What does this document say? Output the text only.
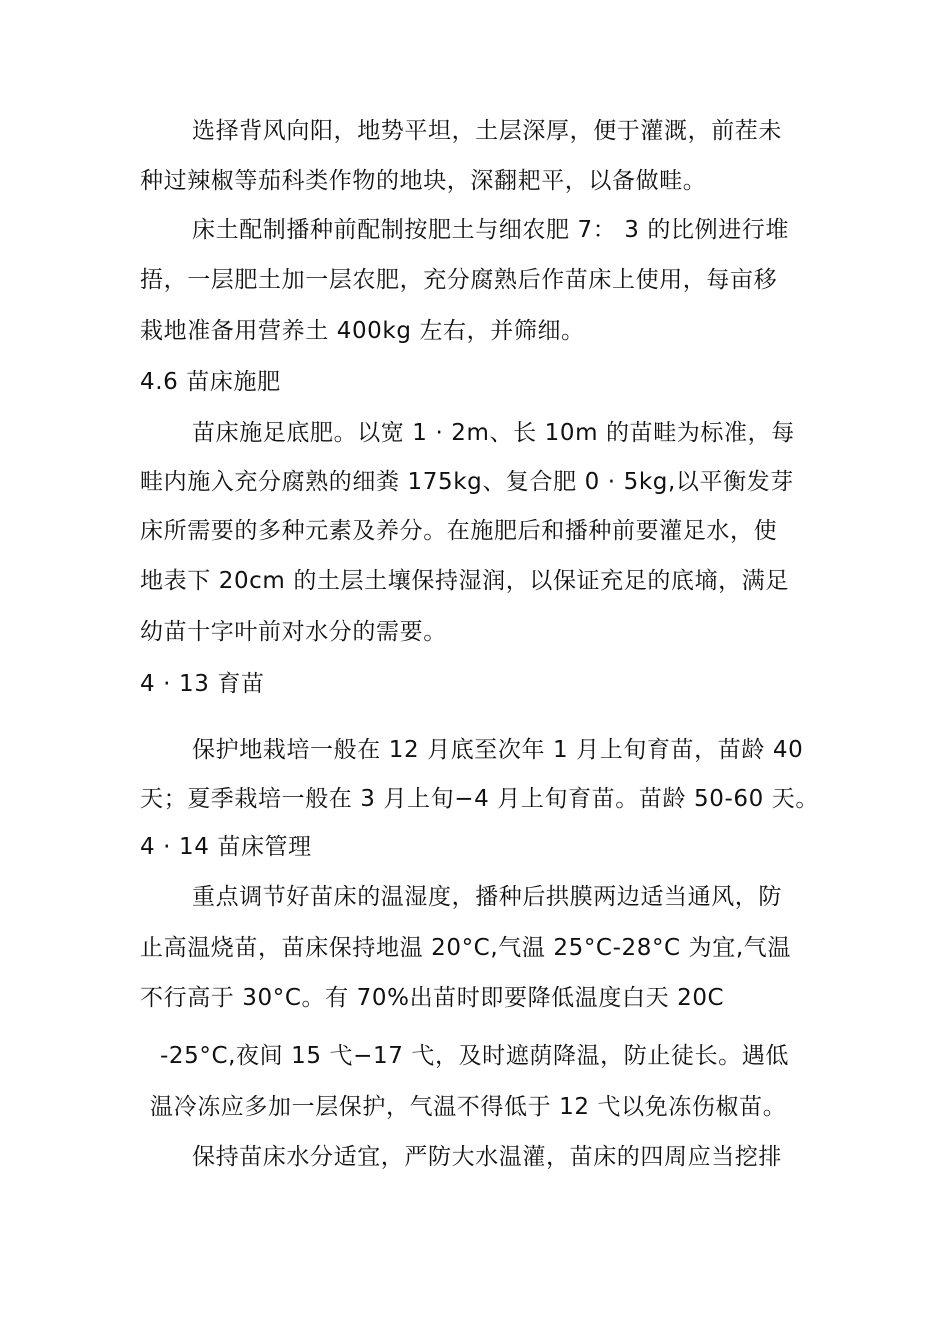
选择背风向阳，地势平坦，土层深厚，便于灌溉，前茬未
种过辣椒等茄科类作物的地块，深翻耙平，以备做畦。
床土配制播种前配制按肥土与细农肥 7： 3 的比例进行堆
捂，一层肥土加一层农肥，充分腐熟后作苗床上使用，每亩移
栽地准备用营养土 400kg 左右，并筛细。
4.6 苗床施肥
苗床施足底肥。以宽 1 · 2m、长 10m 的苗畦为标准，每
畦内施入充分腐熟的细粪 175kg、复合肥 0 · 5kg,以平衡发芽
床所需要的多种元素及养分。在施肥后和播种前要灌足水，使
地表下 20cm 的土层土壤保持湿润，以保证充足的底墒，满足
幼苗十字叶前对水分的需要。
4 · 13 育苗
保护地栽培一般在 12 月底至次年 1 月上旬育苗，苗龄 40
天；夏季栽培一般在 3 月上旬−4 月上旬育苗。苗龄 50-60 天。
4 · 14 苗床管理
重点调节好苗床的温湿度，播种后拱膜两边适当通风，防
止高温烧苗，苗床保持地温 20°C,气温 25°C-28°C 为宜,气温
不行高于 30°C。有 70%出苗时即要降低温度白天 20C
-25°C,夜间 15 弋−17 弋，及时遮荫降温，防止徒长。遇低
温冷冻应多加一层保护，气温不得低于 12 弋以免冻伤椒苗。
保持苗床水分适宜，严防大水温灌，苗床的四周应当挖排
